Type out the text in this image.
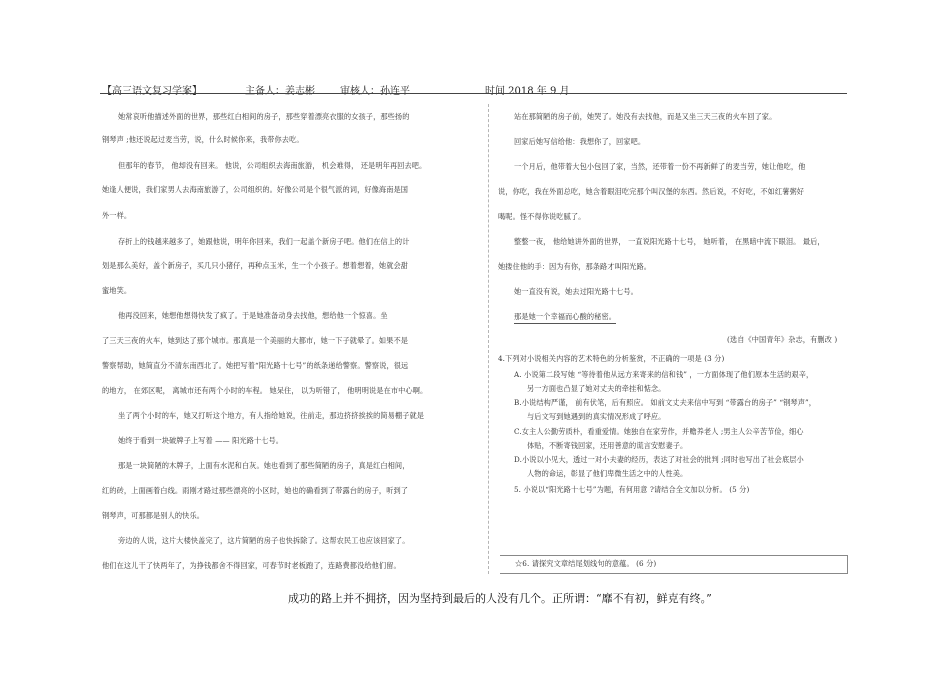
【高三语文复习学案】	主备人：姜志彬	审核人：孙连平	时间 2018 年 9 月
她常哀听他描述外面的世界，那些红白相间的房子，那些穿着漂亮衣服的女孩子，那些扬的
钢琴声 ;他还说起过麦当劳，说，什么时候你来，我带你去吃。
但那年的春节， 他却没有回来。 他说，公司组织去海南旅游， 机会难得， 还是明年再回去吧。
她逢人便说，我们家男人去海南旅游了，公司组织的。好像公司是个很气派的词，好像海南是国
外一样。
存折上的钱越来越多了，她跟他说，明年你回来，我们一起盖个新房子吧。他们在信上的计
划是那么美好，盖个新房子，买几只小猪仔，再种点玉米，生一个小孩子。想着想着，她就会甜
蜜地笑。
他再没回来，她想他想得快发了疯了。于是她准备动身去找他，想给他一个惊喜。坐
了三天三夜的火车，她到达了那个城市。那真是一个美丽的大都市，她一下子就晕了。如果不是
警察帮助，她简直分不清东南西北了。她把写着“阳光路十七号”的纸条递给警察。警察说，很远
的地方， 在郊区呢， 离城市还有两个小时的车程。 她呆住， 以为听错了， 他明明说是在市中心啊。
坐了两个小时的车，她又打听这个地方，有人指给她说，往前走，那边挤挤挨挨的简易棚子就是
她终于看到一块破牌子上写着 —— 阳光路十七号。
那是一块简陋的木牌子，上面有水泥和白灰。她也看到了那些简陋的房子，真是红白相间，
红的砖，上面画着白线。雨刚才路过那些漂亮的小区时，她也的确看到了带露台的房子，听到了
钢琴声，可那都是别人的快乐。
旁边的人说，这片大楼快盖完了，这片简陋的房子也快拆除了。这帮农民工也应该回家了。
他们在这儿干了快两年了，为挣钱都舍不得回家，可春节时老板跑了，连路费都没给他们留。
站在那简陋的房子前，她哭了。她没有去找他，而是又坐三天三夜的火车回了家。
回家后她写信给他：我想你了，回家吧。
一个月后，他带着大包小包回了家，当然，还带着一份不再新鲜了的麦当劳，她让他吃，他
说，你吃，我在外面总吃，她含着眼泪吃完那个叫汉堡的东西。然后说，不好吃，不如红薯粥好
喝呢。怪不得你说吃腻了。
整整一夜， 他给她讲外面的世界， 一直说阳光路十七号， 她听着， 在黑暗中流下眼泪。 最后，
她搂住他的手：因为有你，那条路才叫阳光路。
她一直没有说，她去过阳光路十七号。
那是她一个幸福而心酸的秘密。
(选自《中国青年》杂志，有删改 )
4.下列对小说相关内容的艺术特色的分析鉴赏，不正确的一项是 (3 分)
A. 小说第二段写她 “等待着他从远方来寄来的信和钱” ，一方面体现了他们原本生活的艰辛，
另一方面也凸显了她对丈夫的牵挂和惦念。
B.小说结构严谨， 前有伏笔，后有照应。 如前文丈夫来信中写到 “带露台的房子” “钢琴声”，
与后文写到她遇到的真实情况形成了呼应。
C.女主人公勤劳质朴，看重爱情。她独自在家劳作，并赡养老人 ;男主人公辛苦节俭，细心
体贴，不断寄钱回家，还用善意的谎言安慰妻子。
D.小说以小见大，透过一对小夫妻的经历，表达了对社会的批判 ;同时也写出了社会底层小
人物的命运，彰显了他们卑微生活之中的人性美。
5. 小说以“阳光路十七号”为题，有何用意 ?请结合全文加以分析。 (5 分)
☆6. 请探究文章结尾划线句的意蕴。 (6 分)
成功的路上并不拥挤，因为坚持到最后的人没有几个。正所谓：“靡不有初，鲜克有终。”
